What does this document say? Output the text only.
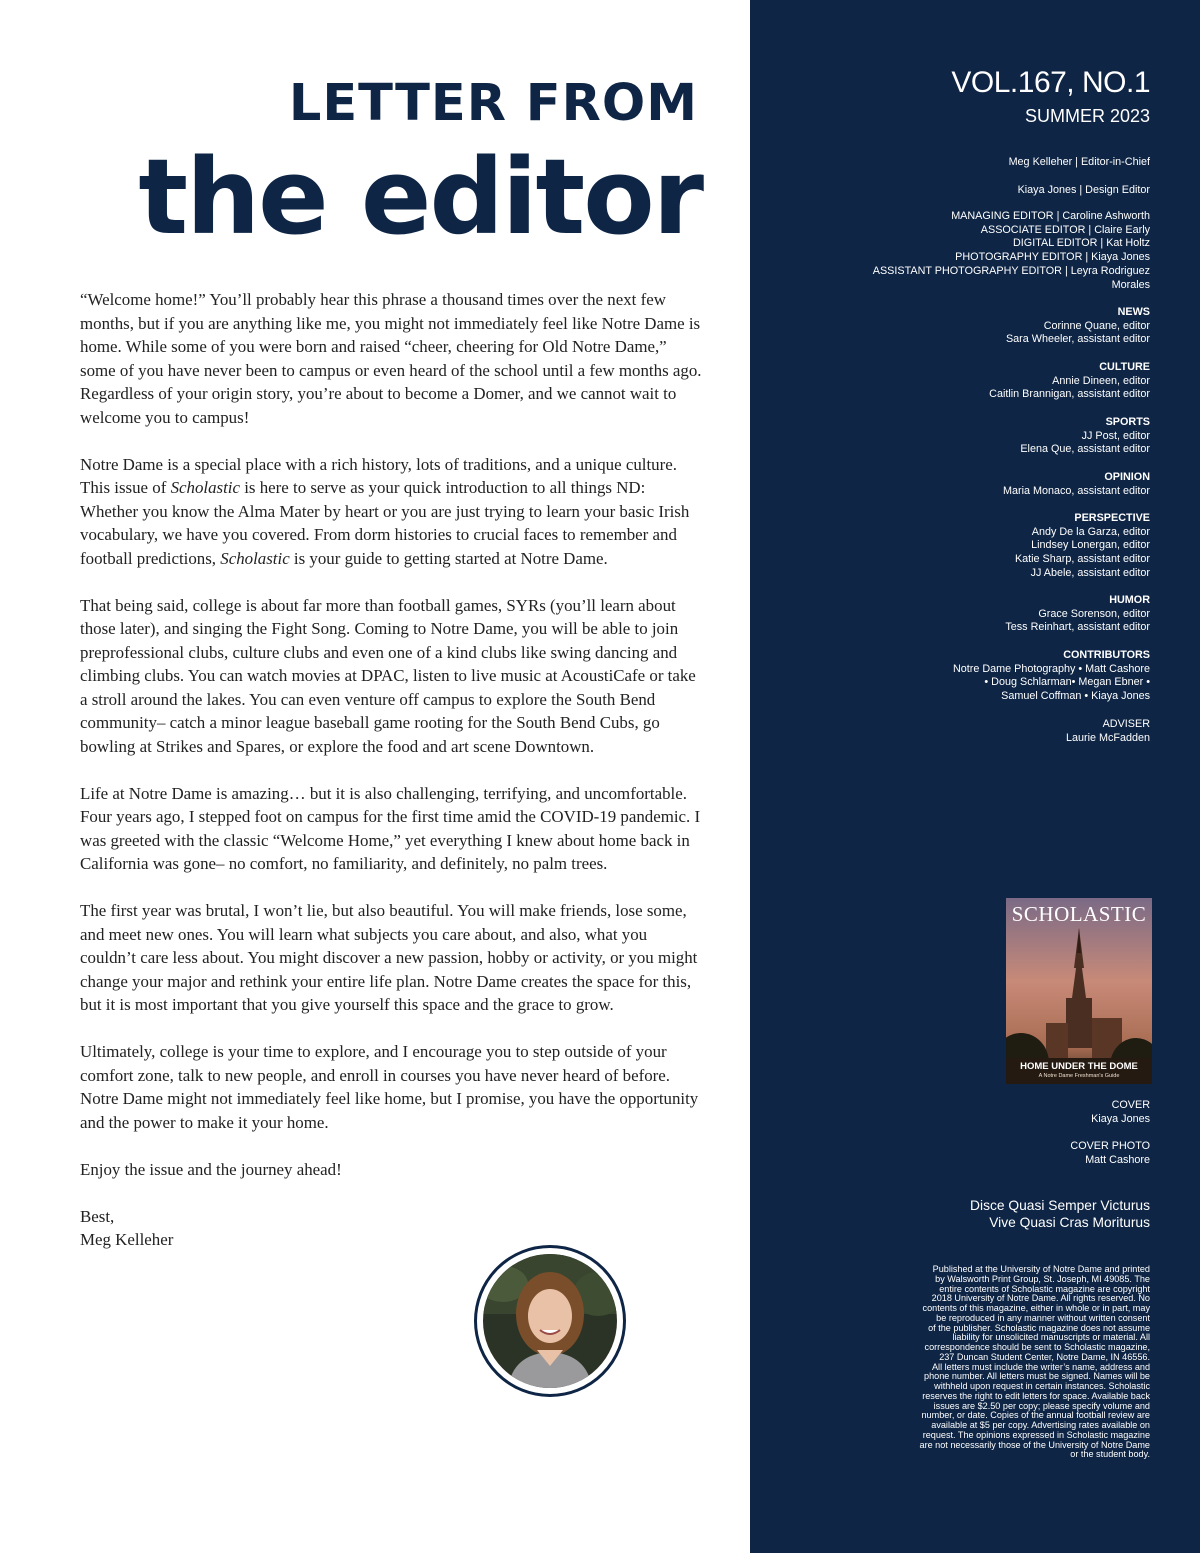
LETTER FROM
the editor

“Welcome home!” You’ll probably hear this phrase a thousand times over the next few months, but if you are anything like me, you might not immediately feel like Notre Dame is home. While some of you were born and raised “cheer, cheering for Old Notre Dame,” some of you have never been to campus or even heard of the school until a few months ago. Regardless of your origin story, you’re about to become a Domer, and we cannot wait to welcome you to campus!

Notre Dame is a special place with a rich history, lots of traditions, and a unique culture. This issue of Scholastic is here to serve as your quick introduction to all things ND: Whether you know the Alma Mater by heart or you are just trying to learn your basic Irish vocabulary, we have you covered. From dorm histories to crucial faces to remember and football predictions, Scholastic is your guide to getting started at Notre Dame.

That being said, college is about far more than football games, SYRs (you’ll learn about those later), and singing the Fight Song. Coming to Notre Dame, you will be able to join preprofessional clubs, culture clubs and even one of a kind clubs like swing dancing and climbing clubs. You can watch movies at DPAC, listen to live music at AcoustiCafe or take a stroll around the lakes. You can even venture off campus to explore the South Bend community– catch a minor league baseball game rooting for the South Bend Cubs, go bowling at Strikes and Spares, or explore the food and art scene Downtown.

Life at Notre Dame is amazing… but it is also challenging, terrifying, and uncomfortable. Four years ago, I stepped foot on campus for the first time amid the COVID-19 pandemic. I was greeted with the classic “Welcome Home,” yet everything I knew about home back in California was gone– no comfort, no familiarity, and definitely, no palm trees.

The first year was brutal, I won’t lie, but also beautiful. You will make friends, lose some, and meet new ones. You will learn what subjects you care about, and also, what you couldn’t care less about. You might discover a new passion, hobby or activity, or you might change your major and rethink your entire life plan. Notre Dame creates the space for this, but it is most important that you give yourself this space and the grace to grow.

Ultimately, college is your time to explore, and I encourage you to step outside of your comfort zone, talk to new people, and enroll in courses you have never heard of before. Notre Dame might not immediately feel like home, but I promise, you have the opportunity and the power to make it your home.

Enjoy the issue and the journey ahead!

Best,

Meg Kelleher

VOL.167, NO.1
SUMMER 2023
Meg Kelleher | Editor-in-Chief
Kiaya Jones | Design Editor
MANAGING EDITOR | Caroline Ashworth
ASSOCIATE EDITOR | Claire Early
DIGITAL EDITOR | Kat Holtz
PHOTOGRAPHY EDITOR | Kiaya Jones
ASSISTANT PHOTOGRAPHY EDITOR | Leyra Rodriguez
Morales
NEWS
Corinne Quane, editor
Sara Wheeler, assistant editor
CULTURE
Annie Dineen, editor
Caitlin Brannigan, assistant editor
SPORTS
JJ Post, editor
Elena Que, assistant editor
OPINION
Maria Monaco, assistant editor
PERSPECTIVE
Andy De la Garza, editor
Lindsey Lonergan, editor
Katie Sharp, assistant editor
JJ Abele, assistant editor
HUMOR
Grace Sorenson, editor
Tess Reinhart, assistant editor
CONTRIBUTORS
Notre Dame Photography • Matt Cashore
• Doug Schlarman• Megan Ebner •
Samuel Coffman • Kiaya Jones
ADVISER
Laurie McFadden
SCHOLASTIC
HOME UNDER THE DOME
A Notre Dame Freshman's Guide
COVER
Kiaya Jones
COVER PHOTO
Matt Cashore
Disce Quasi Semper Victurus
Vive Quasi Cras Moriturus
Published at the University of Notre Dame and printed
by Walsworth Print Group, St. Joseph, MI 49085. The
entire contents of Scholastic magazine are copyright
2018 University of Notre Dame. All rights reserved. No
contents of this magazine, either in whole or in part, may
be reproduced in any manner without written consent
of the publisher. Scholastic magazine does not assume
liability for unsolicited manuscripts or material. All
correspondence should be sent to Scholastic magazine,
237 Duncan Student Center, Notre Dame, IN 46556.
All letters must include the writer’s name, address and
phone number. All letters must be signed. Names will be
withheld upon request in certain instances. Scholastic
reserves the right to edit letters for space. Available back
issues are $2.50 per copy; please specify volume and
number, or date. Copies of the annual football review are
available at $5 per copy. Advertising rates available on
request. The opinions expressed in Scholastic magazine
are not necessarily those of the University of Notre Dame
or the student body.
